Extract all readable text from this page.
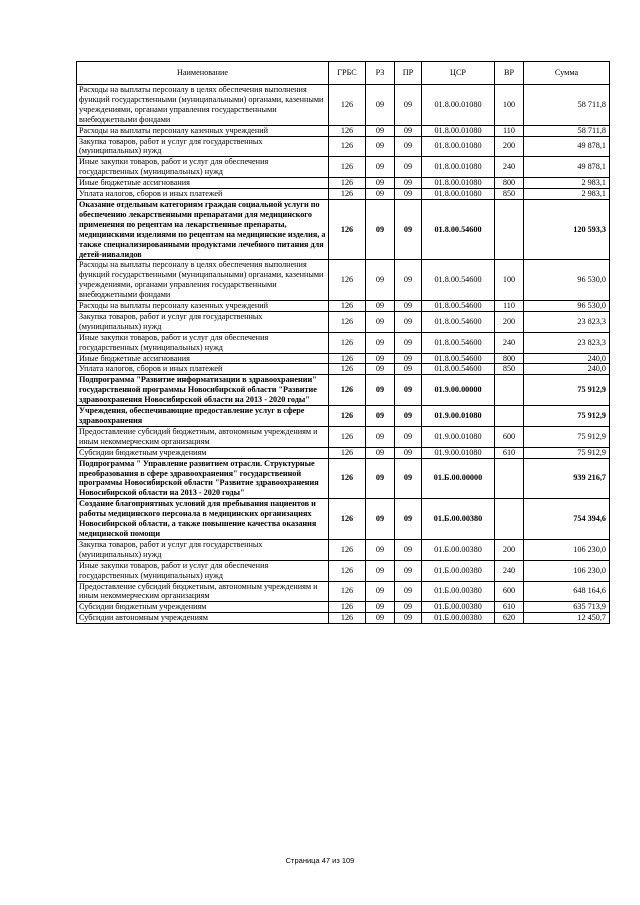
Наименование	ГРБС	РЗ	ПР	ЦСР	ВР	Сумма
Расходы на выплаты персоналу в целях обеспечения выполнения функций государственными (муниципальными) органами, казенными учреждениями, органами управления государственными внебюджетными фондами	126	09	09	01.8.00.01080	100	58 711,8
Расходы на выплаты персоналу казенных учреждений	126	09	09	01.8.00.01080	110	58 711,8
Закупка товаров, работ и услуг для государственных (муниципальных) нужд	126	09	09	01.8.00.01080	200	49 878,1
Иные закупки товаров, работ и услуг для обеспечения государственных (муниципальных) нужд	126	09	09	01.8.00.01080	240	49 878,1
Иные бюджетные ассигнования	126	09	09	01.8.00.01080	800	2 983,1
Уплата налогов, сборов и иных платежей	126	09	09	01.8.00.01080	850	2 983,1
Оказание отдельным категориям граждан социальной услуги по обеспечению лекарственными препаратами для медицинского применения по рецептам на лекарственные препараты, медицинскими изделиями по рецептам на медицинские изделия, а также специализированными продуктами лечебного питания для детей-инвалидов	126	09	09	01.8.00.54600		120 593,3
Расходы на выплаты персоналу в целях обеспечения выполнения функций государственными (муниципальными) органами, казенными учреждениями, органами управления государственными внебюджетными фондами	126	09	09	01.8.00.54600	100	96 530,0
Расходы на выплаты персоналу казенных учреждений	126	09	09	01.8.00.54600	110	96 530,0
Закупка товаров, работ и услуг для государственных (муниципальных) нужд	126	09	09	01.8.00.54600	200	23 823,3
Иные закупки товаров, работ и услуг для обеспечения государственных (муниципальных) нужд	126	09	09	01.8.00.54600	240	23 823,3
Иные бюджетные ассигнования	126	09	09	01.8.00.54600	800	240,0
Уплата налогов, сборов и иных платежей	126	09	09	01.8.00.54600	850	240,0
Подпрограмма "Развитие информатизации в здравоохранении" государственной программы Новосибирской области "Развитие здравоохранения Новосибирской области на 2013 - 2020 годы"	126	09	09	01.9.00.00000		75 912,9
Учреждения, обеспечивающие предоставление услуг в сфере здравоохранения	126	09	09	01.9.00.01080		75 912,9
Предоставление субсидий бюджетным, автономным учреждениям и иным некоммерческим организациям	126	09	09	01.9.00.01080	600	75 912,9
Субсидии бюджетным учреждениям	126	09	09	01.9.00.01080	610	75 912,9
Подпрограмма " Управление развитием отрасли. Структурные преобразования в сфере здравоохранения" государственной программы Новосибирской области "Развитие здравоохранения Новосибирской области на 2013 - 2020 годы"	126	09	09	01.Б.00.00000		939 216,7
Создание благоприятных условий для пребывания пациентов и работы медицинского персонала в медицинских организациях Новосибирской области, а также повышение качества оказания медицинской помощи	126	09	09	01.Б.00.00380		754 394,6
Закупка товаров, работ и услуг для государственных (муниципальных) нужд	126	09	09	01.Б.00.00380	200	106 230,0
Иные закупки товаров, работ и услуг для обеспечения государственных (муниципальных) нужд	126	09	09	01.Б.00.00380	240	106 230,0
Предоставление субсидий бюджетным, автономным учреждениям и иным некоммерческим организациям	126	09	09	01.Б.00.00380	600	648 164,6
Субсидии бюджетным учреждениям	126	09	09	01.Б.00.00380	610	635 713,9
Субсидии автономным учреждениям	126	09	09	01.Б.00.00380	620	12 450,7
Страница 47 из 109
